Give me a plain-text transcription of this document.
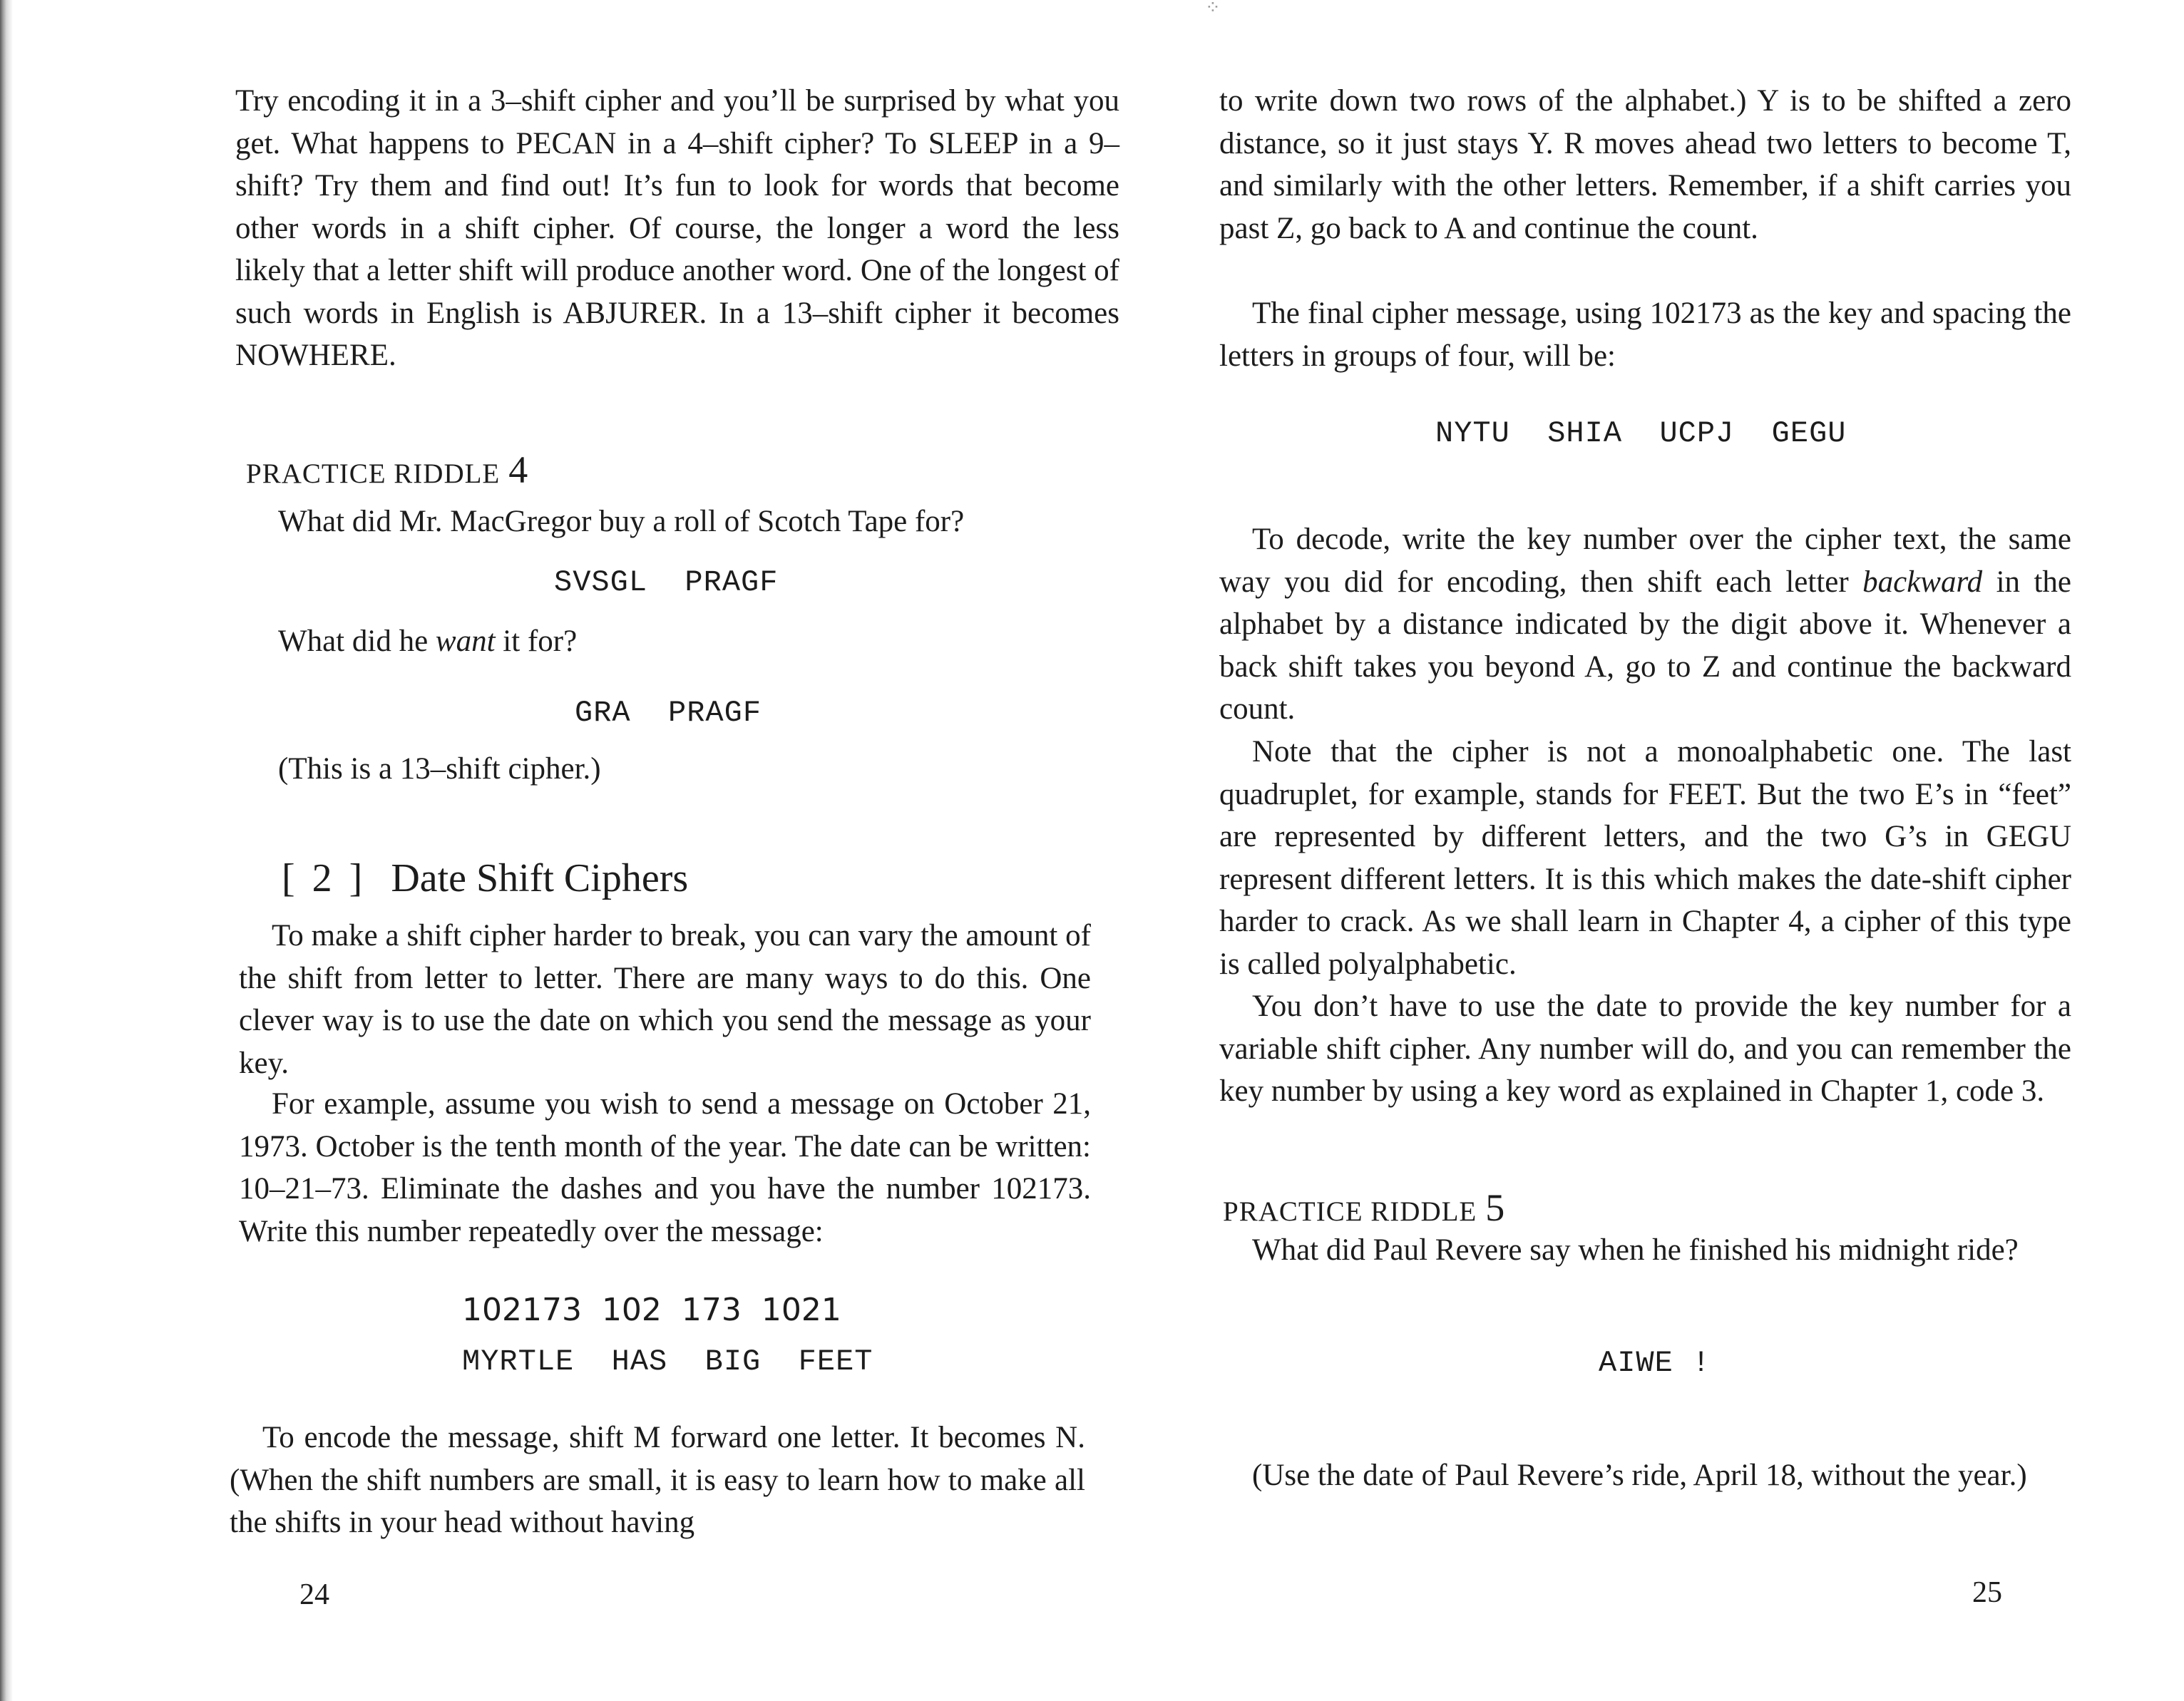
⁘

Try encoding it in a 3–shift cipher and you’ll be surprised by what you get. What happens to PECAN in a 4–shift cipher? To SLEEP in a 9–shift? Try them and find out! It’s fun to look for words that become other words in a shift cipher. Of course, the longer a word the less likely that a letter shift will produce another word. One of the longest of such words in English is ABJURER. In a 13–shift cipher it becomes NOWHERE.

PRACTICE RIDDLE 4
What did Mr. MacGregor buy a roll of Scotch Tape for?
SVSGL  PRAGF
What did he want it for?
GRA  PRAGF
(This is a 13–shift cipher.)
[ 2 ] Date Shift Ciphers

To make a shift cipher harder to break, you can vary the amount of the shift from letter to letter. There are many ways to do this. One clever way is to use the date on which you send the message as your key.

For example, assume you wish to send a message on October 21, 1973. October is the tenth month of the year. The date can be written: 10–21–73. Eliminate the dashes and you have the number 102173. Write this number repeatedly over the message:

102173  102  173  1021
MYRTLE  HAS  BIG  FEET

To encode the message, shift M forward one letter. It becomes N. (When the shift numbers are small, it is easy to learn how to make all the shifts in your head without having

24

to write down two rows of the alphabet.) Y is to be shifted a zero distance, so it just stays Y. R moves ahead two letters to become T, and similarly with the other letters. Remember, if a shift carries you past Z, go back to A and continue the count.

The final cipher message, using 102173 as the key and spacing the letters in groups of four, will be:

NYTU  SHIA  UCPJ  GEGU

To decode, write the key number over the cipher text, the same way you did for encoding, then shift each letter backward in the alphabet by a distance indicated by the digit above it. Whenever a back shift takes you beyond A, go to Z and continue the backward count.

Note that the cipher is not a monoalphabetic one. The last quadruplet, for example, stands for FEET. But the two E’s in “feet” are represented by different letters, and the two G’s in GEGU represent different letters. It is this which makes the date-shift cipher harder to crack. As we shall learn in Chapter 4, a cipher of this type is called polyalphabetic.

You don’t have to use the date to provide the key number for a variable shift cipher. Any number will do, and you can remember the key number by using a key word as explained in Chapter 1, code 3.

PRACTICE RIDDLE 5

What did Paul Revere say when he finished his midnight ride?

AIWE !

(Use the date of Paul Revere’s ride, April 18, without the year.)

25
